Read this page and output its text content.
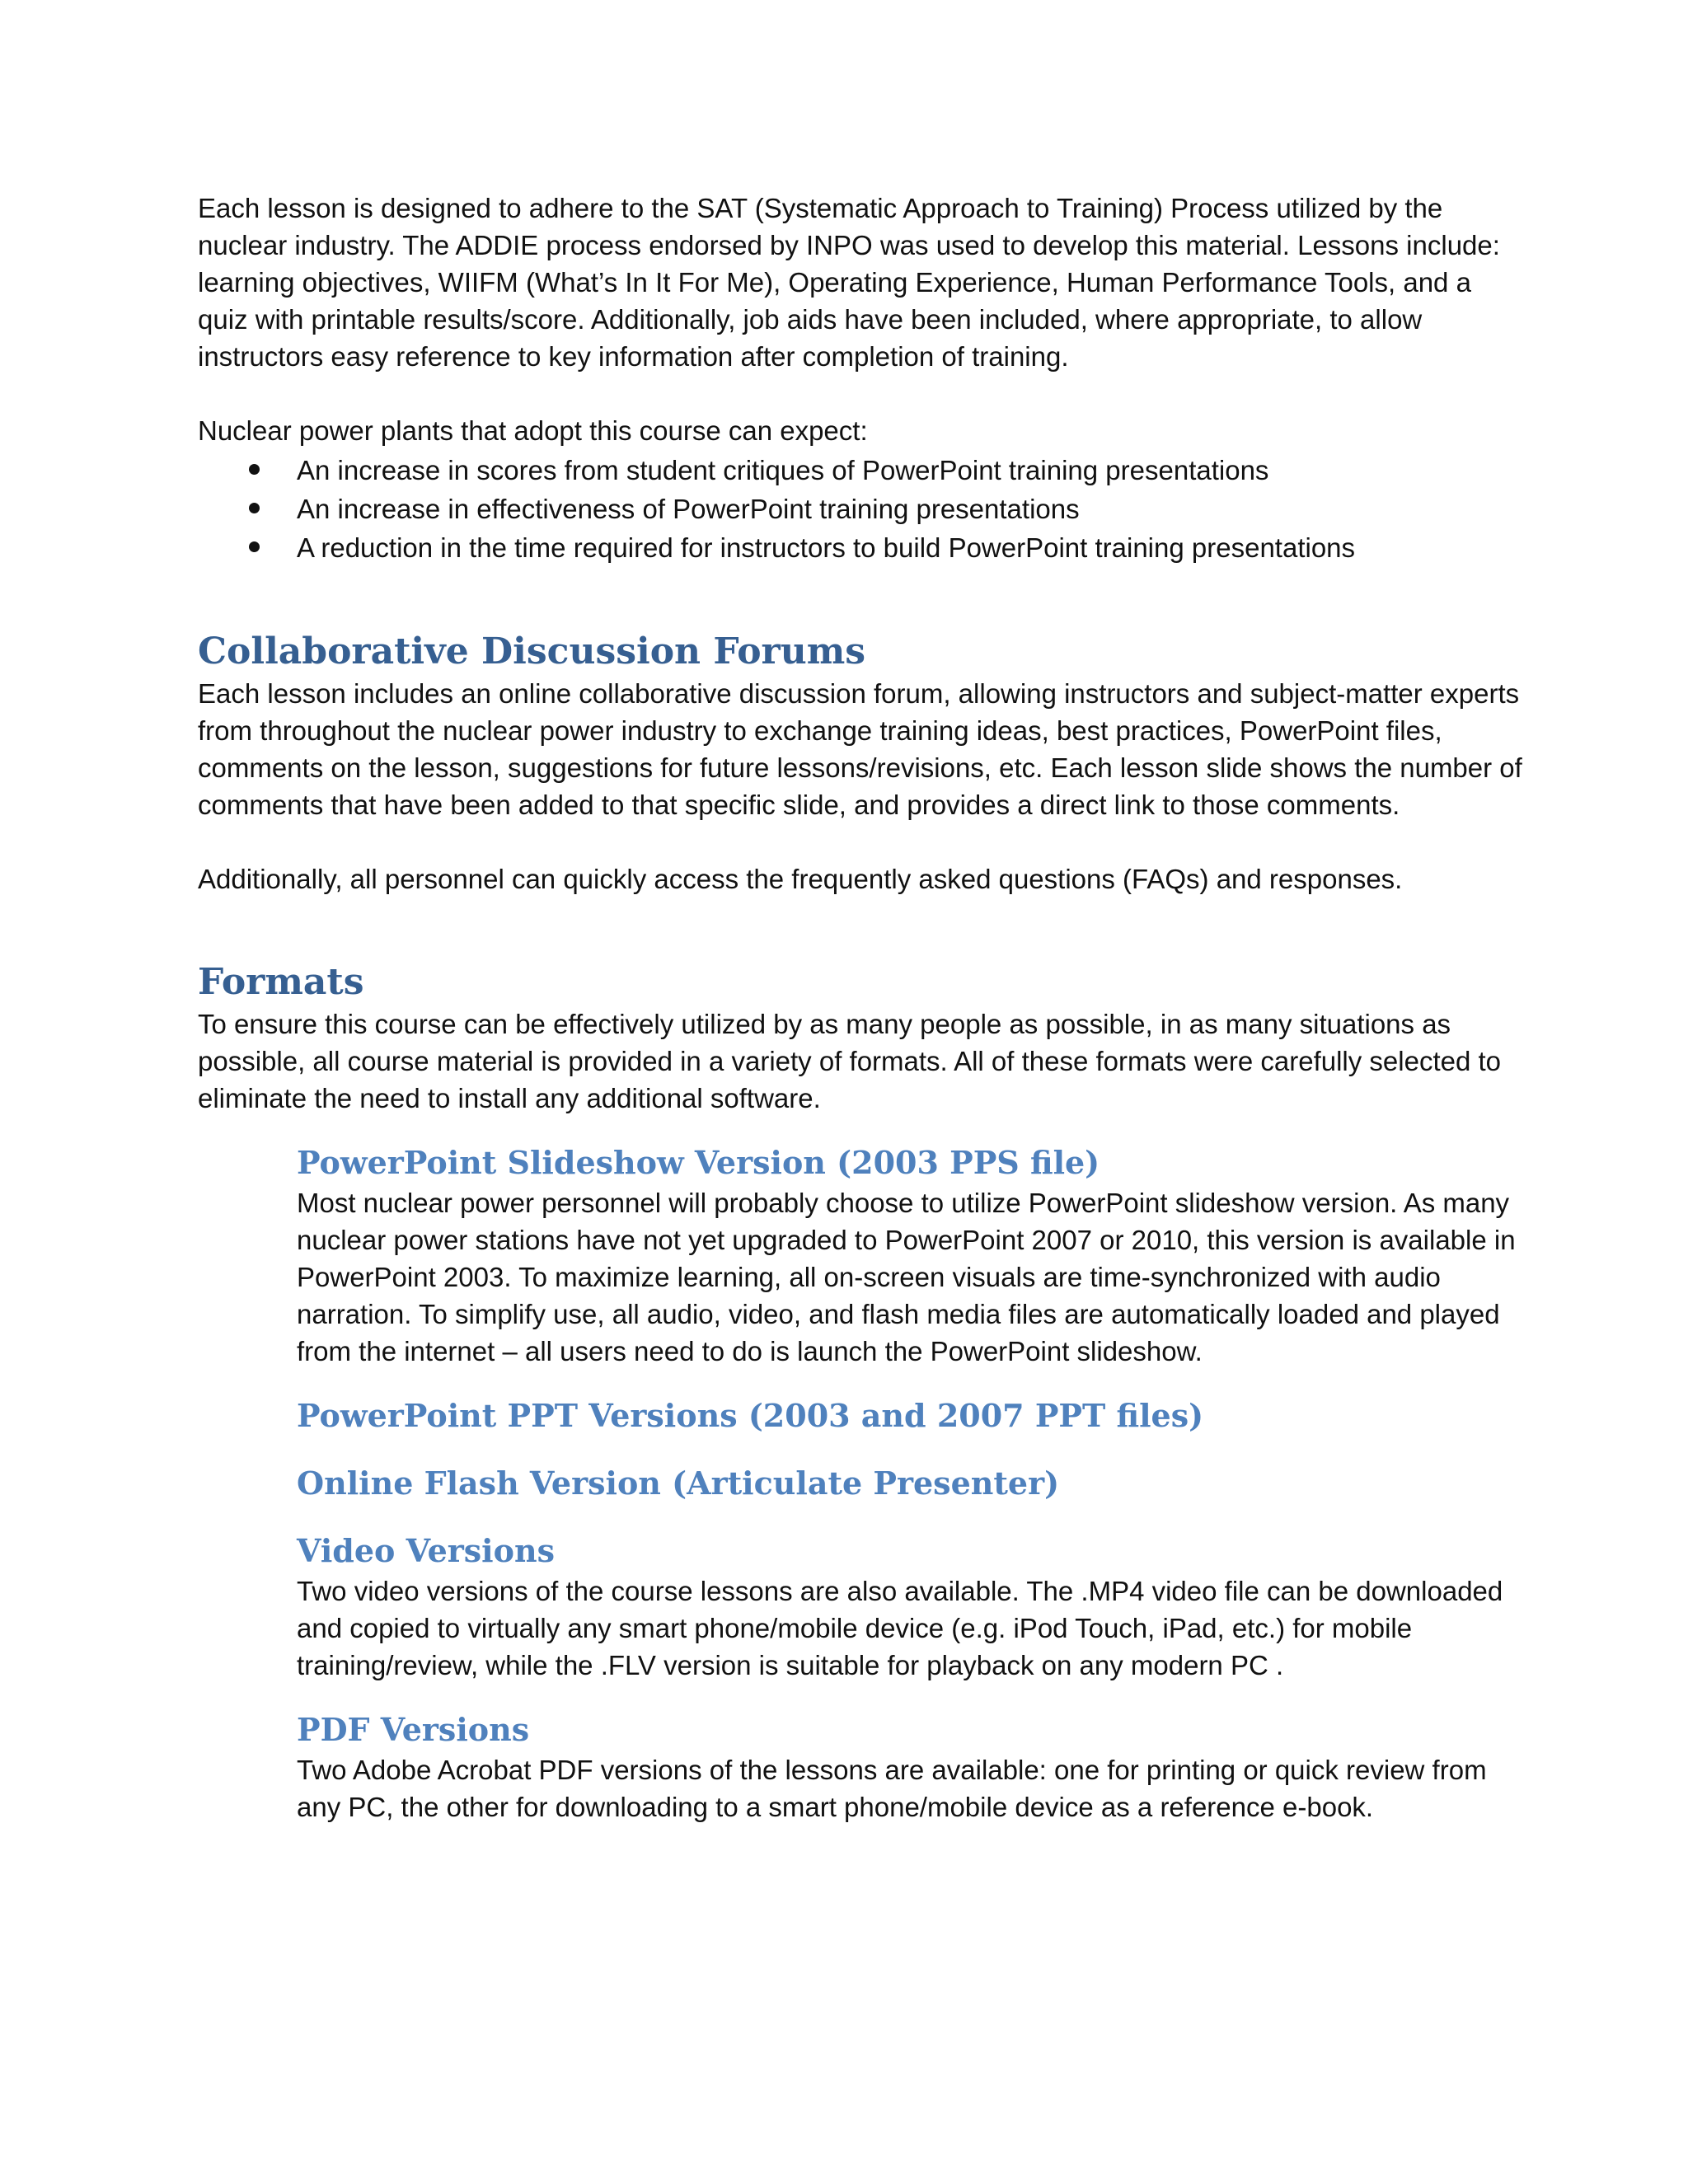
Each lesson is designed to adhere to the SAT (Systematic Approach to Training) Process utilized by the nuclear industry. The ADDIE process endorsed by INPO was used to develop this material. Lessons include: learning objectives, WIIFM (What’s In It For Me), Operating Experience, Human Performance Tools, and a quiz with printable results/score. Additionally, job aids have been included, where appropriate, to allow instructors easy reference to key information after completion of training.

Nuclear power plants that adopt this course can expect:

An increase in scores from student critiques of PowerPoint training presentations
An increase in effectiveness of PowerPoint training presentations
A reduction in the time required for instructors to build PowerPoint training presentations
Collaborative Discussion Forums

Each lesson includes an online collaborative discussion forum, allowing instructors and subject-matter experts from throughout the nuclear power industry to exchange training ideas, best practices, PowerPoint files, comments on the lesson, suggestions for future lessons/revisions, etc. Each lesson slide shows the number of comments that have been added to that specific slide, and provides a direct link to those comments.

Additionally, all personnel can quickly access the frequently asked questions (FAQs) and responses.

Formats

To ensure this course can be effectively utilized by as many people as possible, in as many situations as possible, all course material is provided in a variety of formats. All of these formats were carefully selected to eliminate the need to install any additional software.

PowerPoint Slideshow Version (2003 PPS file)

Most nuclear power personnel will probably choose to utilize PowerPoint slideshow version. As many nuclear power stations have not yet upgraded to PowerPoint 2007 or 2010, this version is available in PowerPoint 2003. To maximize learning, all on-screen visuals are time-synchronized with audio narration. To simplify use, all audio, video, and flash media files are automatically loaded and played from the internet – all users need to do is launch the PowerPoint slideshow.

PowerPoint PPT Versions (2003 and 2007 PPT files)
Online Flash Version (Articulate Presenter)
Video Versions

Two video versions of the course lessons are also available. The .MP4 video file can be downloaded and copied to virtually any smart phone/mobile device (e.g. iPod Touch, iPad, etc.) for mobile training/review, while the .FLV version is suitable for playback on any modern PC .

PDF Versions

Two Adobe Acrobat PDF versions of the lessons are available: one for printing or quick review from any PC, the other for downloading to a smart phone/mobile device as a reference e-book.
